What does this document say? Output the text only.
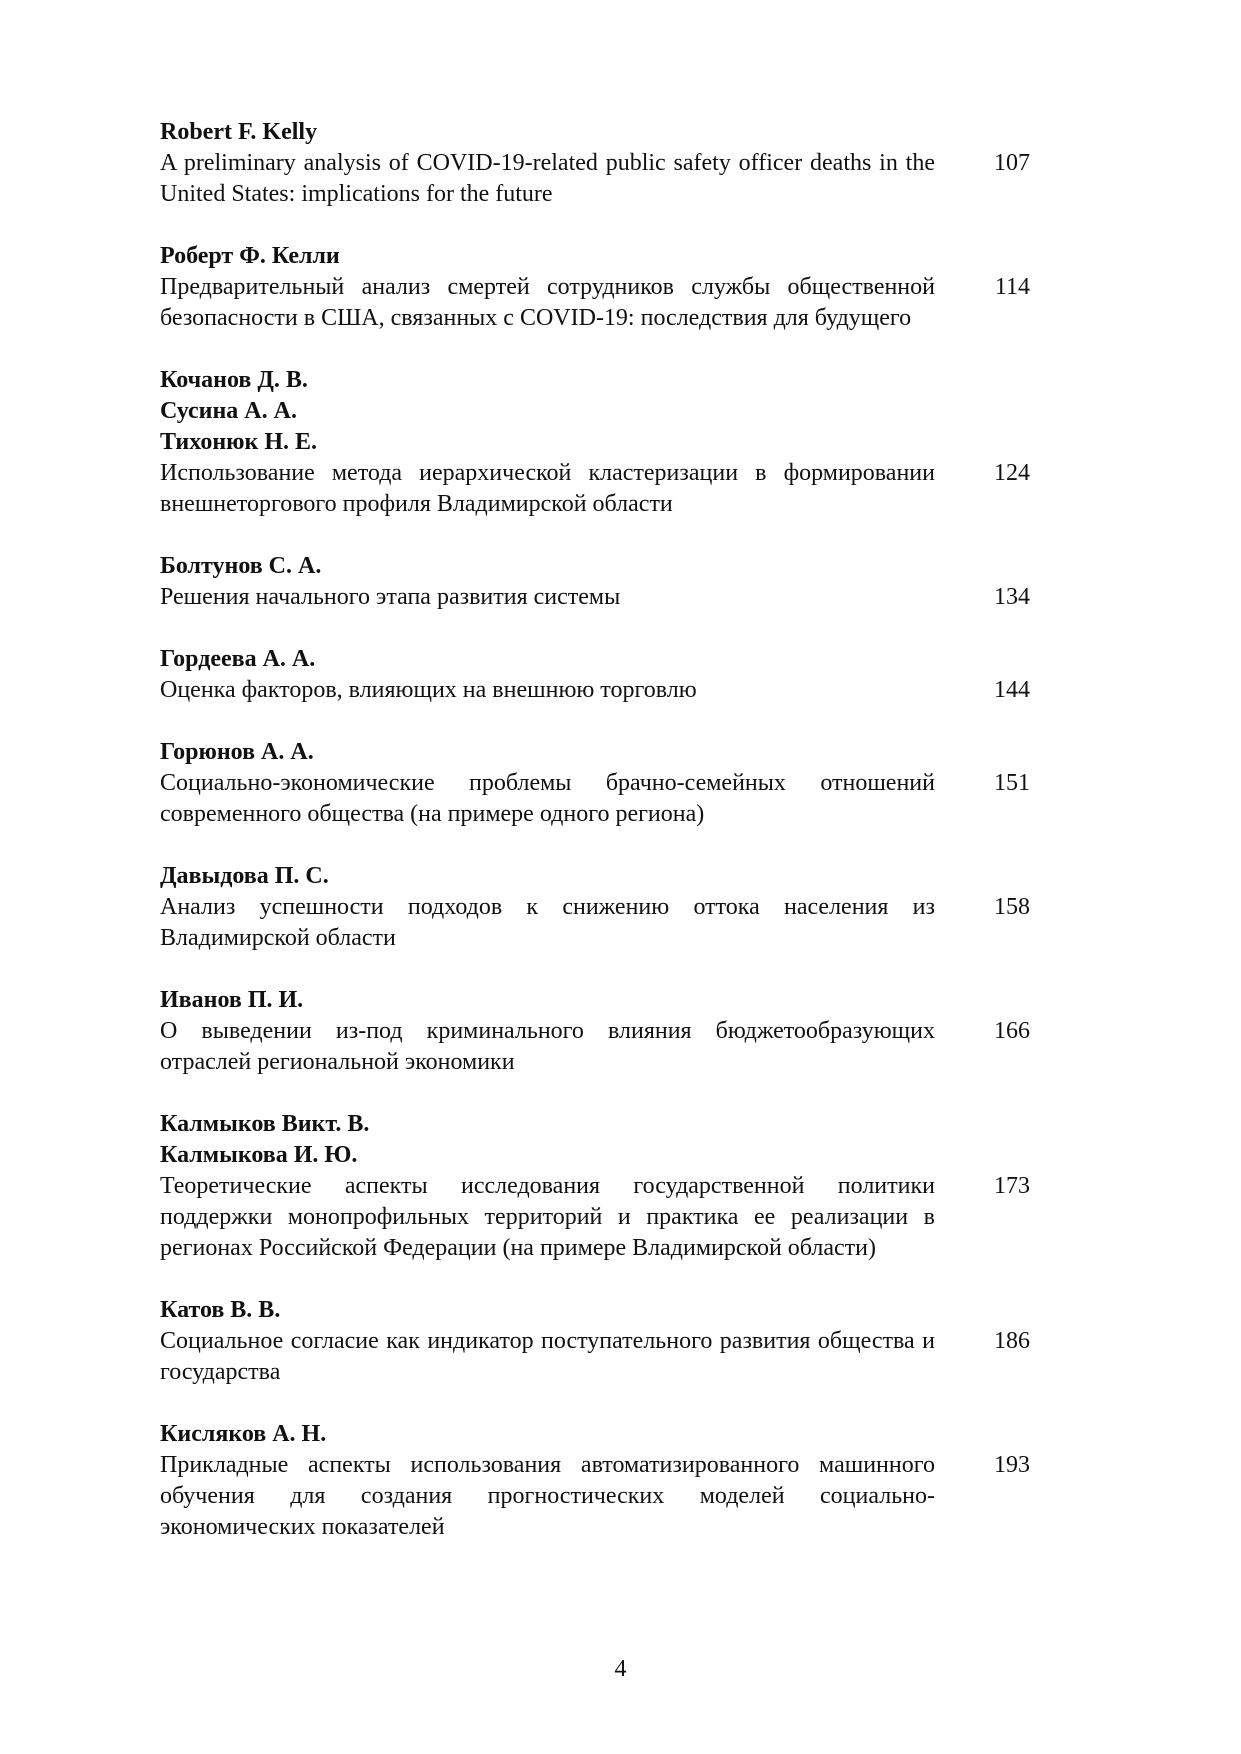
Robert F. Kelly
A preliminary analysis of COVID-19-related public safety officer deaths in the United States: implications for the future
107
Роберт Ф. Келли
Предварительный анализ смертей сотрудников службы общественной безопасности в США, связанных с COVID-19: последствия для будущего
114
Кочанов Д. В.
Сусина А. А.
Тихонюк Н. Е.
Использование метода иерархической кластеризации в формировании внешнеторгового профиля Владимирской области
124
Болтунов С. А.
Решения начального этапа развития системы	134
Гордеева А. А.
Оценка факторов, влияющих на внешнюю торговлю	144
Горюнов А. А.
Социально-экономические проблемы брачно-семейных отношений современного общества (на примере одного региона)
151
Давыдова П. С.
Анализ успешности подходов к снижению оттока населения из Владимирской области
158
Иванов П. И.
О выведении из-под криминального влияния бюджетообразующих отраслей региональной экономики
166
Калмыков Викт. В.
Калмыкова И. Ю.
Теоретические аспекты исследования государственной политики поддержки монопрофильных территорий и практика ее реализации в регионах Российской Федерации (на примере Владимирской области)
173
Катов В. В.
Социальное согласие как индикатор поступательного развития общества и государства
186
Кисляков А. Н.
Прикладные аспекты использования автоматизированного машинного обучения для создания прогностических моделей социально-экономических показателей
193
4
